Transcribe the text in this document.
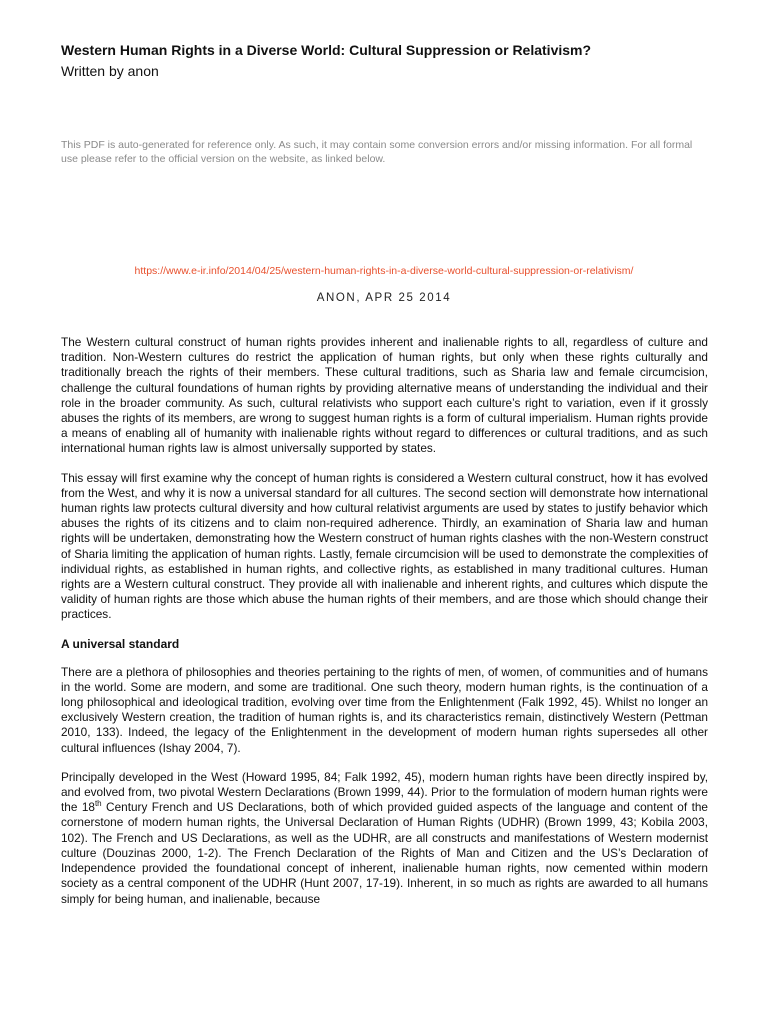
Western Human Rights in a Diverse World: Cultural Suppression or Relativism?
Written by anon
This PDF is auto-generated for reference only. As such, it may contain some conversion errors and/or missing information. For all formal use please refer to the official version on the website, as linked below.
https://www.e-ir.info/2014/04/25/western-human-rights-in-a-diverse-world-cultural-suppression-or-relativism/
ANON, APR 25 2014

The Western cultural construct of human rights provides inherent and inalienable rights to all, regardless of culture and tradition. Non-Western cultures do restrict the application of human rights, but only when these rights culturally and traditionally breach the rights of their members. These cultural traditions, such as Sharia law and female circumcision, challenge the cultural foundations of human rights by providing alternative means of understanding the individual and their role in the broader community. As such, cultural relativists who support each culture’s right to variation, even if it grossly abuses the rights of its members, are wrong to suggest human rights is a form of cultural imperialism. Human rights provide a means of enabling all of humanity with inalienable rights without regard to differences or cultural traditions, and as such international human rights law is almost universally supported by states.

This essay will first examine why the concept of human rights is considered a Western cultural construct, how it has evolved from the West, and why it is now a universal standard for all cultures. The second section will demonstrate how international human rights law protects cultural diversity and how cultural relativist arguments are used by states to justify behavior which abuses the rights of its citizens and to claim non-required adherence. Thirdly, an examination of Sharia law and human rights will be undertaken, demonstrating how the Western construct of human rights clashes with the non-Western construct of Sharia limiting the application of human rights. Lastly, female circumcision will be used to demonstrate the complexities of individual rights, as established in human rights, and collective rights, as established in many traditional cultures. Human rights are a Western cultural construct. They provide all with inalienable and inherent rights, and cultures which dispute the validity of human rights are those which abuse the human rights of their members, and are those which should change their practices.

A universal standard

There are a plethora of philosophies and theories pertaining to the rights of men, of women, of communities and of humans in the world. Some are modern, and some are traditional. One such theory, modern human rights, is the continuation of a long philosophical and ideological tradition, evolving over time from the Enlightenment (Falk 1992, 45). Whilst no longer an exclusively Western creation, the tradition of human rights is, and its characteristics remain, distinctively Western (Pettman 2010, 133). Indeed, the legacy of the Enlightenment in the development of modern human rights supersedes all other cultural influences (Ishay 2004, 7).

Principally developed in the West (Howard 1995, 84; Falk 1992, 45), modern human rights have been directly inspired by, and evolved from, two pivotal Western Declarations (Brown 1999, 44). Prior to the formulation of modern human rights were the 18th Century French and US Declarations, both of which provided guided aspects of the language and content of the cornerstone of modern human rights, the Universal Declaration of Human Rights (UDHR) (Brown 1999, 43; Kobila 2003, 102). The French and US Declarations, as well as the UDHR, are all constructs and manifestations of Western modernist culture (Douzinas 2000, 1-2). The French Declaration of the Rights of Man and Citizen and the US’s Declaration of Independence provided the foundational concept of inherent, inalienable human rights, now cemented within modern society as a central component of the UDHR (Hunt 2007, 17-19). Inherent, in so much as rights are awarded to all humans simply for being human, and inalienable, because
